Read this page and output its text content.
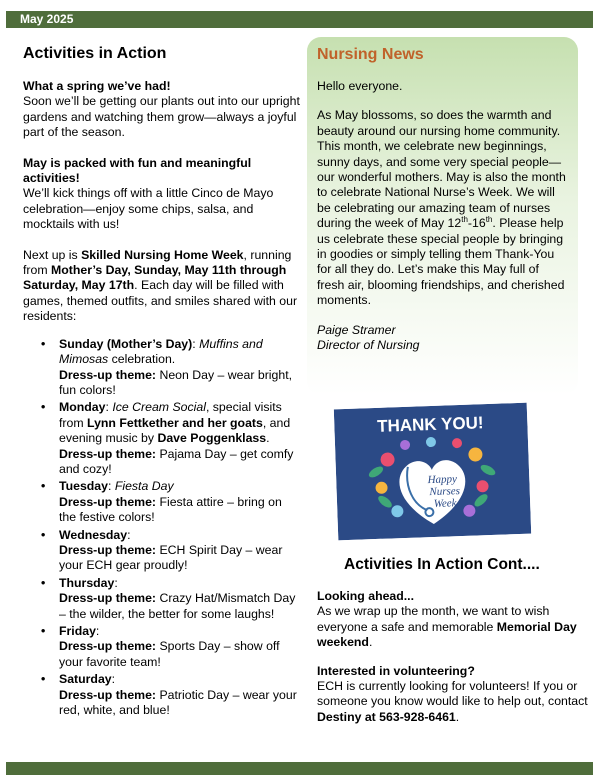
May 2025
Activities in Action

What a spring we’ve had!
Soon we’ll be getting our plants out into our upright gardens and watching them grow—always a joyful part of the season.

May is packed with fun and meaningful activities!
We’ll kick things off with a little Cinco de Mayo celebration—enjoy some chips, salsa, and mocktails with us!

Next up is Skilled Nursing Home Week, running from Mother’s Day, Sunday, May 11th through Saturday, May 17th. Each day will be filled with games, themed outfits, and smiles shared with our residents:

• Sunday (Mother’s Day): Muffins and Mimosas celebration.
Dress-up theme: Neon Day – wear bright, fun colors!
• Monday: Ice Cream Social, special visits from Lynn Fettkether and her goats, and evening music by Dave Poggenklass.
Dress-up theme: Pajama Day – get comfy and cozy!
• Tuesday: Fiesta Day
Dress-up theme: Fiesta attire – bring on the festive colors!
• Wednesday:
Dress-up theme: ECH Spirit Day – wear your ECH gear proudly!
• Thursday:
Dress-up theme: Crazy Hat/Mismatch Day – the wilder, the better for some laughs!
• Friday:
Dress-up theme: Sports Day – show off your favorite team!
• Saturday:
Dress-up theme: Patriotic Day – wear your red, white, and blue!
Nursing News

Hello everyone.

As May blossoms, so does the warmth and beauty around our nursing home community. This month, we celebrate new beginnings, sunny days, and some very special people—our wonderful mothers. May is also the month to celebrate National Nurse’s Week. We will be celebrating our amazing team of nurses during the week of May 12th-16th. Please help us celebrate these special people by bringing in goodies or simply telling them Thank-You for all they do. Let’s make this May full of fresh air, blooming friendships, and cherished moments.

Paige Stramer
Director of Nursing

THANK YOU!
Happy
Nurses
Week
Activities In Action Cont....

Looking ahead...
As we wrap up the month, we want to wish everyone a safe and memorable Memorial Day weekend.

Interested in volunteering?
ECH is currently looking for volunteers! If you or someone you know would like to help out, contact Destiny at 563-928-6461.
